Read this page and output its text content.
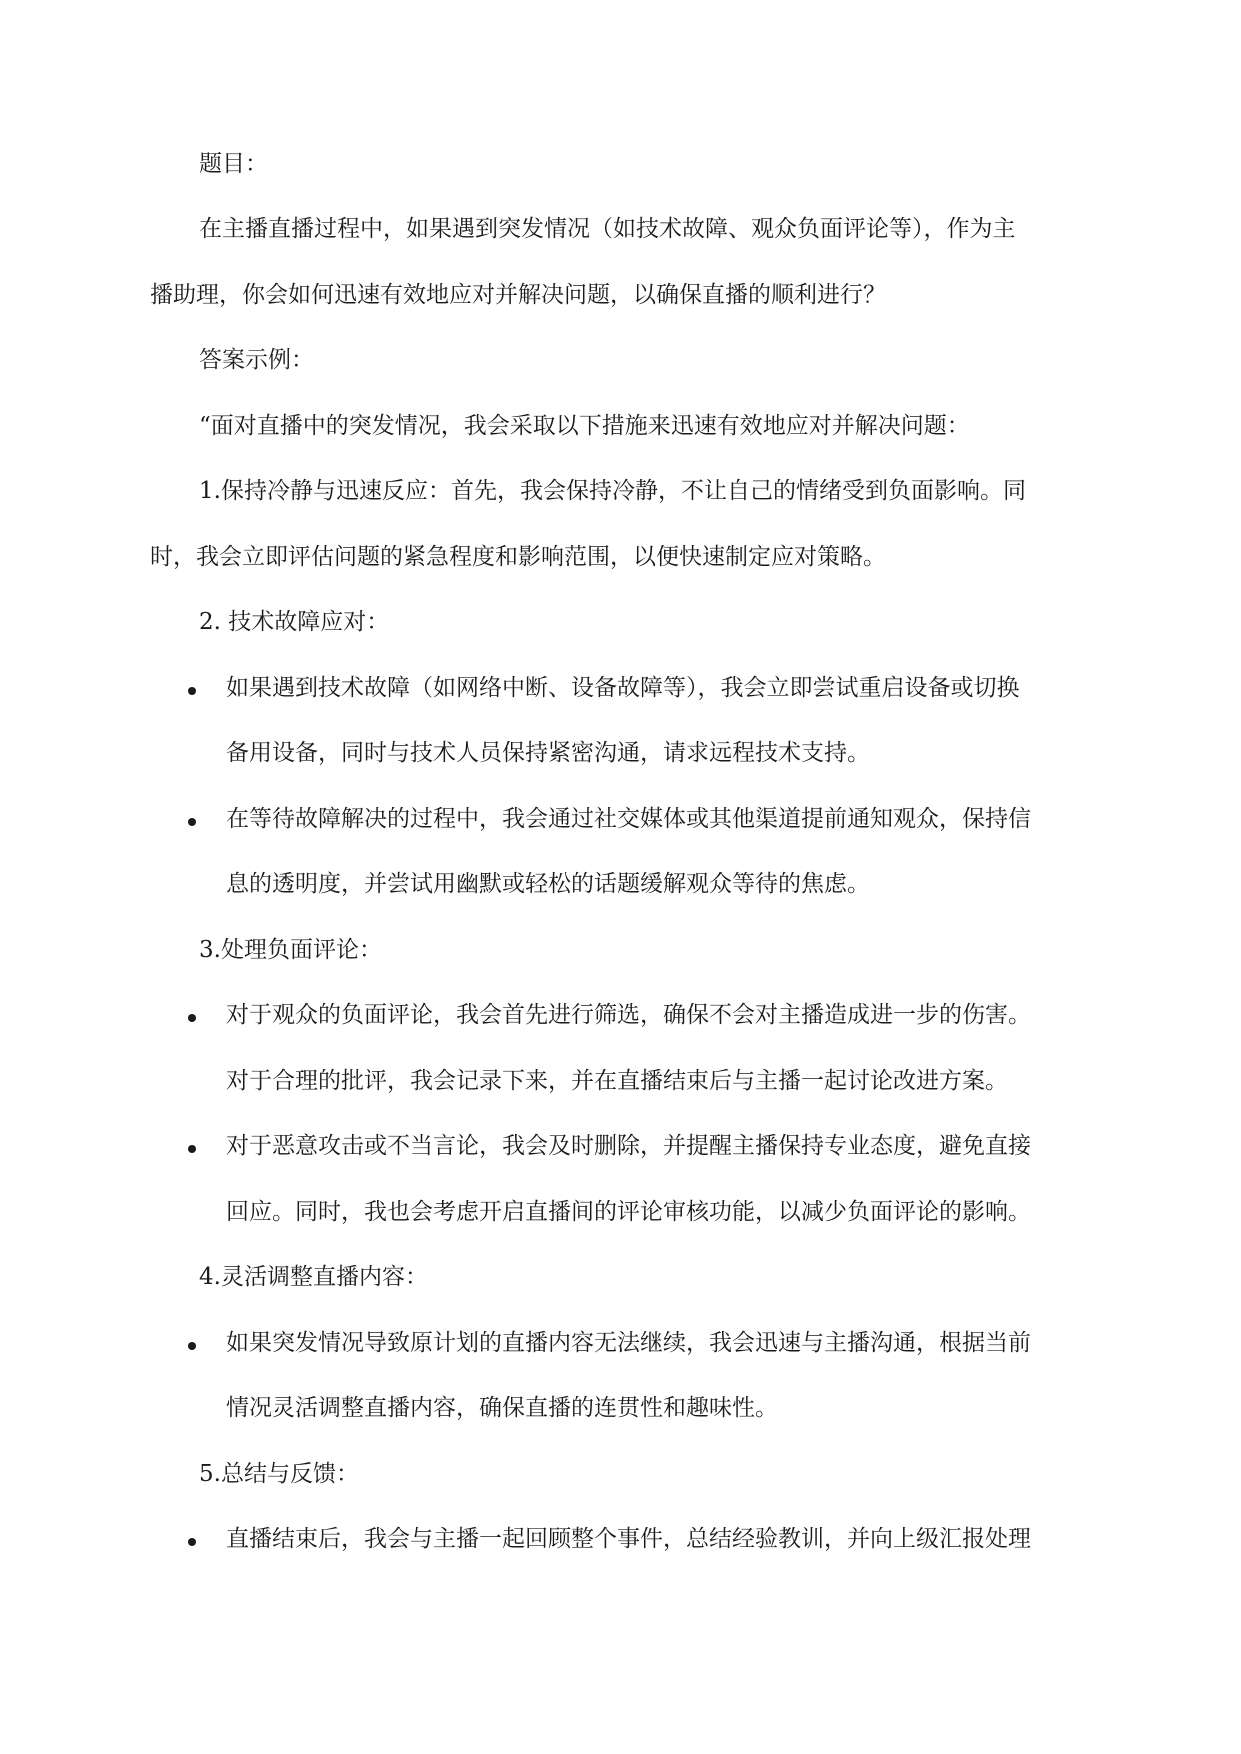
题目：
在主播直播过程中，如果遇到突发情况（如技术故障、观众负面评论等），作为主
播助理，你会如何迅速有效地应对并解决问题，以确保直播的顺利进行？
答案示例：
“面对直播中的突发情况，我会采取以下措施来迅速有效地应对并解决问题：
1.保持冷静与迅速反应：首先，我会保持冷静，不让自己的情绪受到负面影响。同
时，我会立即评估问题的紧急程度和影响范围，以便快速制定应对策略。
2. 技术故障应对：
如果遇到技术故障（如网络中断、设备故障等），我会立即尝试重启设备或切换
备用设备，同时与技术人员保持紧密沟通，请求远程技术支持。
在等待故障解决的过程中，我会通过社交媒体或其他渠道提前通知观众，保持信
息的透明度，并尝试用幽默或轻松的话题缓解观众等待的焦虑。
3.处理负面评论：
对于观众的负面评论，我会首先进行筛选，确保不会对主播造成进一步的伤害。
对于合理的批评，我会记录下来，并在直播结束后与主播一起讨论改进方案。
对于恶意攻击或不当言论，我会及时删除，并提醒主播保持专业态度，避免直接
回应。同时，我也会考虑开启直播间的评论审核功能，以减少负面评论的影响。
4.灵活调整直播内容：
如果突发情况导致原计划的直播内容无法继续，我会迅速与主播沟通，根据当前
情况灵活调整直播内容，确保直播的连贯性和趣味性。
5.总结与反馈：
直播结束后，我会与主播一起回顾整个事件，总结经验教训，并向上级汇报处理
